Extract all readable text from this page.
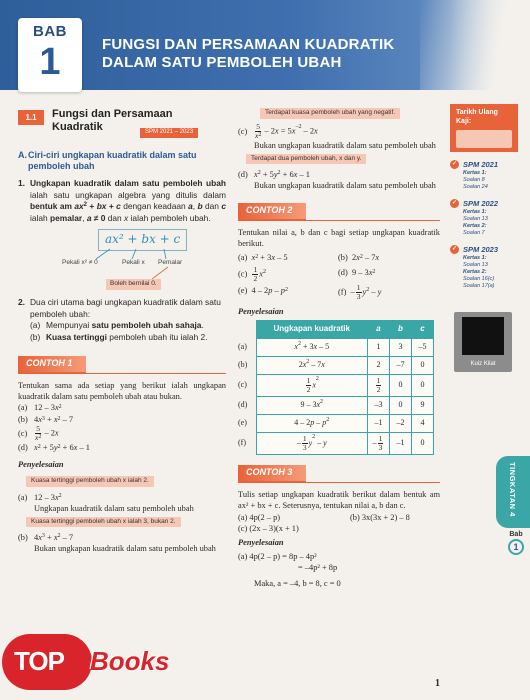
BAB
1	FUNGSI DAN PERSAMAAN KUADRATIK
DALAM SATU PEMBOLEH UBAH
1.1	Fungsi dan Persamaan
Kuadratik	SPM 2021 – 2023
A. Ciri-ciri ungkapan kuadratik dalam satu pemboleh ubah
1. Ungkapan kuadratik dalam satu pemboleh ubah ialah satu ungkapan algebra yang ditulis dalam bentuk am $ax^2$ + bx + c dengan keadaan a, b dan c ialah pemalar, a ≠ 0 dan x ialah pemboleh ubah.
ax² + bx + c
Pekali x² ≠ 0	Pekali x Pemalar
Boleh bernilai 0.
2. Dua ciri utama bagi ungkapan kuadratik dalam satu pemboleh ubah:
(a) Mempunyai satu pemboleh ubah sahaja.
(b) Kuasa tertinggi pemboleh ubah itu ialah 2.
CONTOH 1
Tentukan sama ada setiap yang berikut ialah ungkapan kuadratik dalam satu pemboleh ubah atau bukan.
(a) $12 - 3x^2$
(b) $4x^3 + x^2 - 7$
(c)	$\frac{5}{x^2} - 2x$
(d) $x^2 + 5y^2 + 6x - 1$
Penyelesaian
Kuasa tertinggi pemboleh ubah x ialah 2.
(a) $12 - 3x^2$
Ungkapan kuadratik dalam satu pemboleh ubah
Kuasa tertinggi pemboleh ubah x ialah 3, bukan 2.
(b) $4x^3 + x^2 - 7$
Bukan ungkapan kuadratik dalam satu pemboleh ubah
Terdapat kuasa pemboleh ubah yang negatif.
(c)	$\frac{5}{x^2} - 2x = 5x^{-2} - 2x$
Bukan ungkapan kuadratik dalam satu pemboleh ubah
Terdapat dua pemboleh ubah, x dan y.
(d) $x^2 + 5y^2 + 6x - 1$
Bukan ungkapan kuadratik dalam satu pemboleh ubah
CONTOH 2
Tentukan nilai a, b dan c bagi setiap ungkapan kuadratik berikut.
(a) $x^2 + 3x - 5$	(b)  $2x^2 - 7x$
$(c) \frac{1}{2} x^2$	(d)  $9 - 3x^2$
(e)  $4 - 2p - p^2$	$(f) - \frac{1}{3} y^2$ – y
Penyelesaian
	Ungkapan kuadratik	a	b	c
(a)	$x^2 + 3x - 5$	1	3	–5
(b)	$2x^2 - 7x$	2	–7	0
(c)	$\frac{1}{2} x^2$	$\frac{1}{2}$	0	0
(d)	$9 - 3x^2$	–3	0	9
(e)	$4 - 2p - p^2$	–1	–2	4
(f)	– $\frac{1}{3} y^2$ – y	– $\frac{1}{3}$	–1	0
CONTOH 3
Tulis setiap ungkapan kuadratik berikut dalam bentuk am ax² + bx + c. Seterusnya, tentukan nilai a, b dan c.
(a) 4p(2 – p)	(b) 3x(3x + 2) – 8
(c) (2x – 3)(x + 1)
Penyelesaian
(a) 4p(2 – p) = 8p – 4p²
= –4p² + 8p
Maka, a = –4, b = 8, c = 0
Tarikh Ulang Kaji:
✓ SPM 2021
Kertas 1:
Soalan 8
Soalan 24
✓ SPM 2022
Kertas 1:
Soalan 13
Kertas 2:
Soalan 7
✓ SPM 2023
Kertas 1:
Soalan 13
Kertas 2:
Soalan 16(c)
Soalan 17(a)
Kuiz Kilat
TINGKATAN 4
Bab
1
1
TOP Books
